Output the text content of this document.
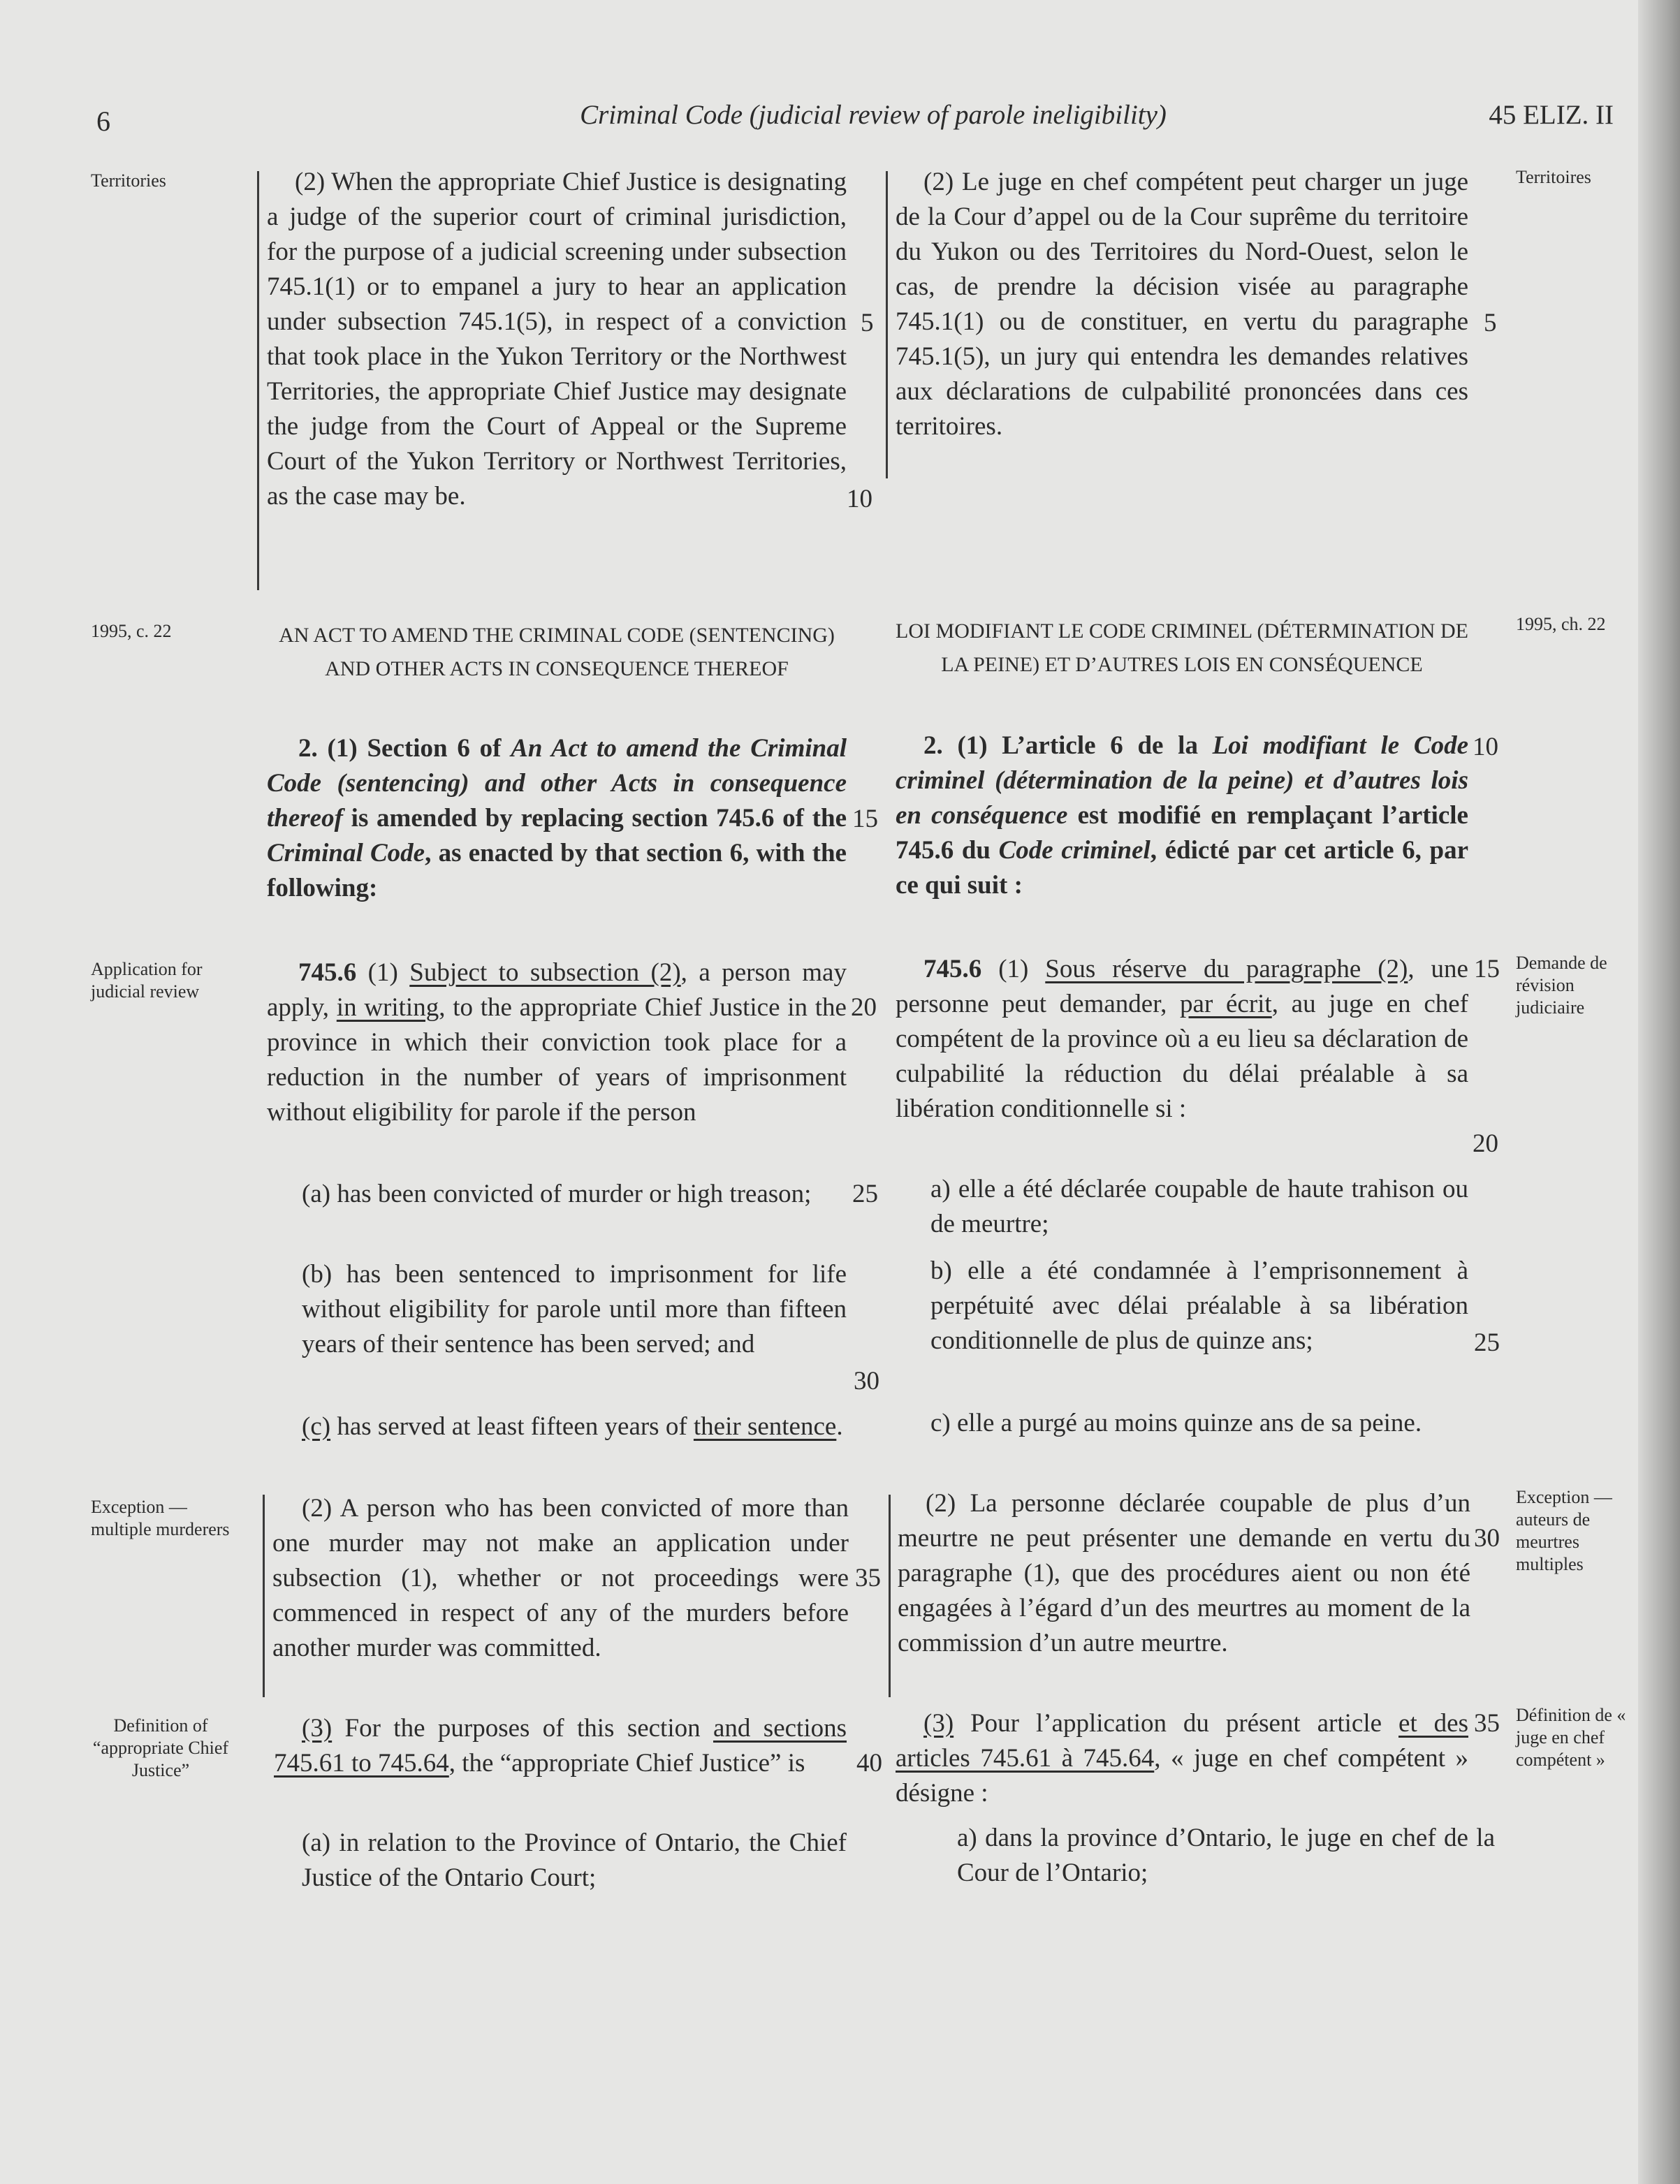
6	Criminal Code (judicial review of parole ineligibility)	45 ELIZ. II
Territories
1995, c. 22
Application for judicial review
Exception — multiple murderers
Definition of “appropriate Chief Justice”
Territoires
1995, ch. 22
Demande de révision judiciaire
Exception — auteurs de meurtres multiples
Définition de « juge en chef compétent »

(2) When the appropriate Chief Justice is designating a judge of the superior court of criminal jurisdiction, for the purpose of a judicial screening under subsection 745.1(1) or to empanel a jury to hear an application under subsection 745.1(5), in respect of a conviction that took place in the Yukon Territory or the Northwest Territories, the appropriate Chief Justice may designate the judge from the Court of Appeal or the Supreme Court of the Yukon Territory or Northwest Territories, as the case may be.

AN ACT TO AMEND THE CRIMINAL CODE (SENTENCING) AND OTHER ACTS IN CONSEQUENCE THEREOF
2. (1) Section 6 of An Act to amend the Criminal Code (sentencing) and other Acts in consequence thereof is amended by replacing section 745.6 of the Criminal Code, as enacted by that section 6, with the following:
745.6 (1) Subject to subsection (2), a person may apply, in writing, to the appropriate Chief Justice in the province in which their conviction took place for a reduction in the number of years of imprisonment without eligibility for parole if the person
(a) has been convicted of murder or high treason;
(b) has been sentenced to imprisonment for life without eligibility for parole until more than fifteen years of their sentence has been served; and
(c) has served at least fifteen years of their sentence.
(2) A person who has been convicted of more than one murder may not make an application under subsection (1), whether or not proceedings were commenced in respect of any of the murders before another murder was committed.
(3) For the purposes of this section and sections 745.61 to 745.64, the “appropriate Chief Justice” is
(a) in relation to the Province of Ontario, the Chief Justice of the Ontario Court;

(2) Le juge en chef compétent peut charger un juge de la Cour d’appel ou de la Cour suprême du territoire du Yukon ou des Territoires du Nord-Ouest, selon le cas, de prendre la décision visée au paragraphe 745.1(1) ou de constituer, en vertu du paragraphe 745.1(5), un jury qui entendra les demandes relatives aux déclarations de culpabilité prononcées dans ces territoires.

LOI MODIFIANT LE CODE CRIMINEL (DÉTERMINATION DE LA PEINE) ET D’AUTRES LOIS EN CONSÉQUENCE
2. (1) L’article 6 de la Loi modifiant le Code criminel (détermination de la peine) et d’autres lois en conséquence est modifié en remplaçant l’article 745.6 du Code criminel, édicté par cet article 6, par ce qui suit :
745.6 (1) Sous réserve du paragraphe (2), une personne peut demander, par écrit, au juge en chef compétent de la province où a eu lieu sa déclaration de culpabilité la réduction du délai préalable à sa libération conditionnelle si :
a) elle a été déclarée coupable de haute trahison ou de meurtre;
b) elle a été condamnée à l’emprisonnement à perpétuité avec délai préalable à sa libération conditionnelle de plus de quinze ans;
c) elle a purgé au moins quinze ans de sa peine.
(2) La personne déclarée coupable de plus d’un meurtre ne peut présenter une demande en vertu du paragraphe (1), que des procédures aient ou non été engagées à l’égard d’un des meurtres au moment de la commission d’un autre meurtre.
(3) Pour l’application du présent article et des articles 745.61 à 745.64, « juge en chef compétent » désigne :
a) dans la province d’Ontario, le juge en chef de la Cour de l’Ontario;
5
10
15
20
25
30
35
40
5
10
15
20
25
30
35
